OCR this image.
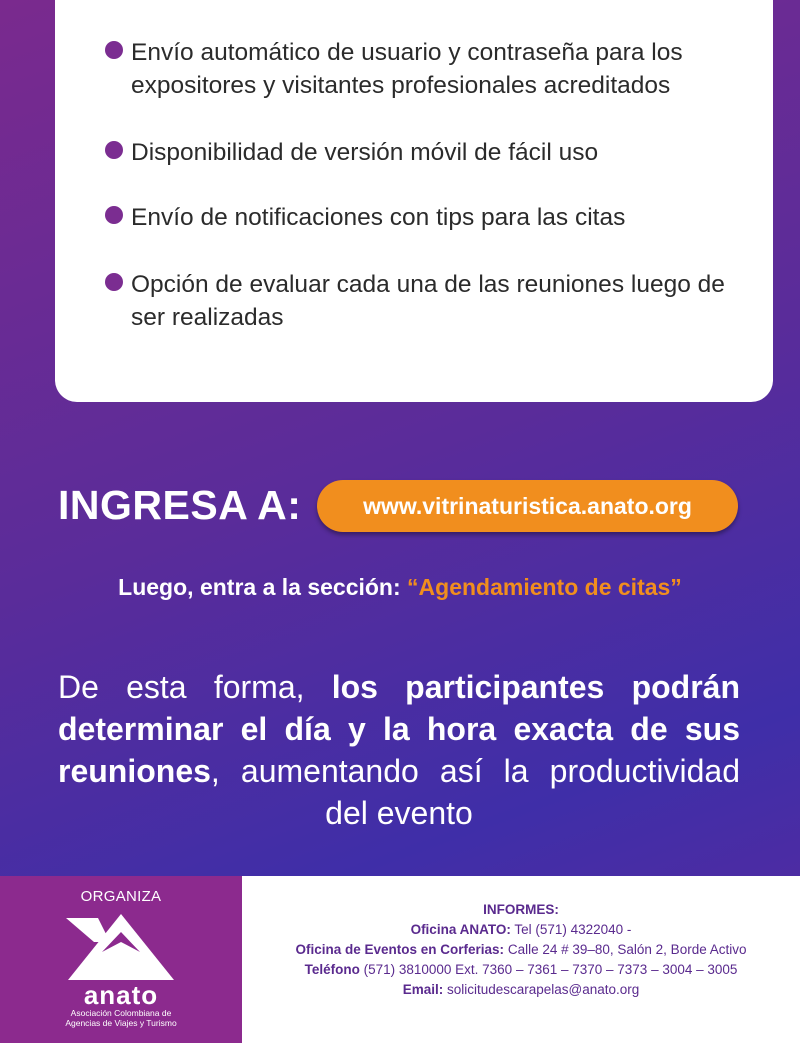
Envío automático de usuario y contraseña para los expositores y visitantes profesionales acreditados
Disponibilidad de versión móvil de fácil uso
Envío de notificaciones con tips para las citas
Opción de evaluar cada una de las reuniones luego de ser realizadas
INGRESA A:	www.vitrinaturistica.anato.org
Luego, entra a la sección: “Agendamiento de citas”
De esta forma, los participantes podrán determinar el día y la hora exacta de sus reuniones, aumentando así la productividad del evento
ORGANIZA
anato
Asociación Colombiana de
Agencias de Viajes y Turismo
INFORMES:
Oficina ANATO: Tel (571) 4322040 -
Oficina de Eventos en Corferias: Calle 24 # 39–80, Salón 2, Borde Activo
Teléfono (571) 3810000 Ext. 7360 – 7361 – 7370 – 7373 – 3004 – 3005
Email: solicitudescarapelas@anato.org
